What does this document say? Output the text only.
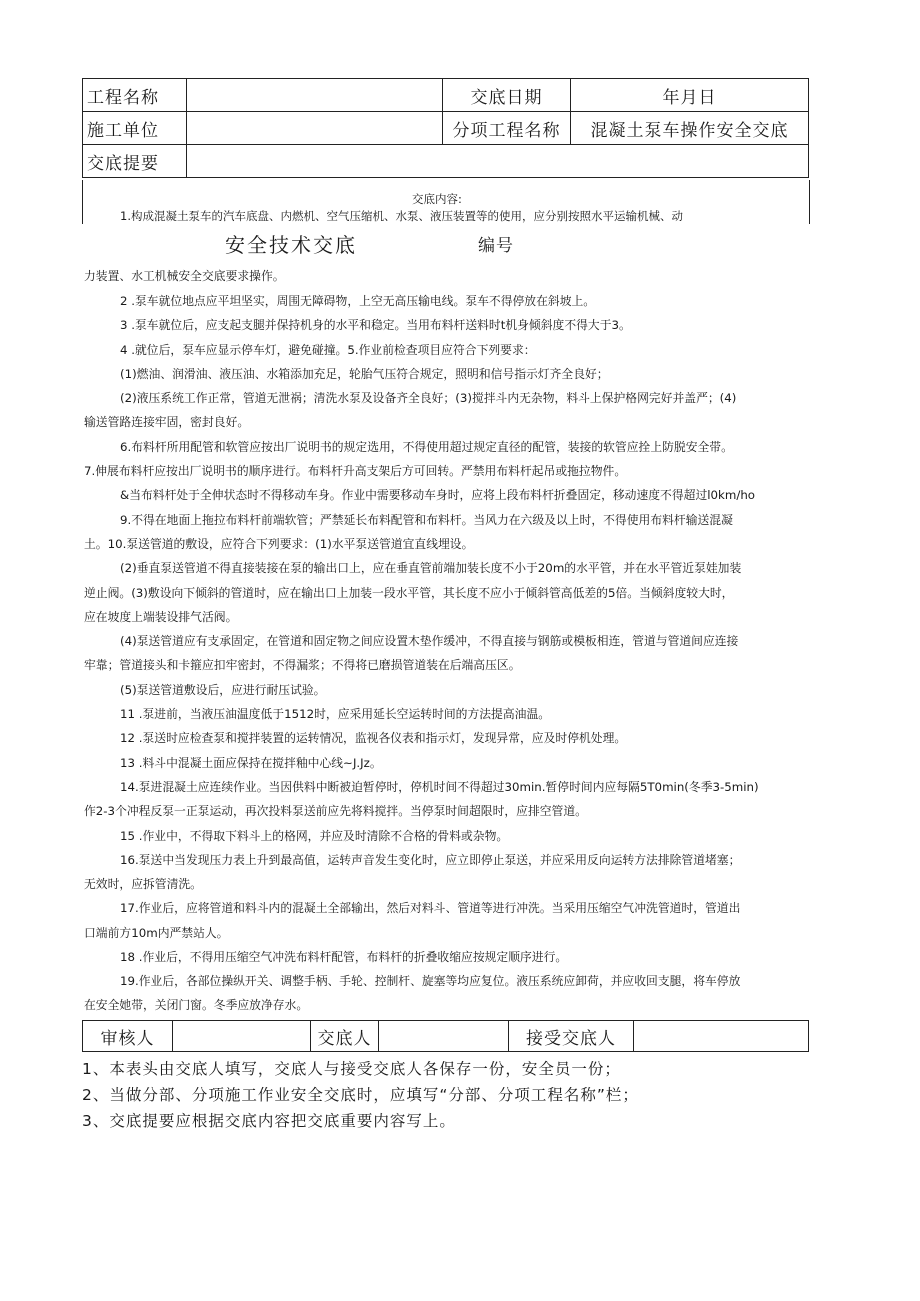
工程名称		交底日期	年月日
施工单位		分项工程名称	混凝土泵车操作安全交底
交底提要			
交底内容:
1.构成混凝土泵车的汽车底盘、内燃机、空气压缩机、水泵、液压装置等的使用，应分别按照水平运输机械、动
安全技术交底	编号
力装置、水工机械安全交底要求操作。
2 .泵车就位地点应平坦坚实，周围无障碍物，上空无高压输电线。泵车不得停放在斜坡上。
3 .泵车就位后，应支起支腿并保持机身的水平和稳定。当用布料杆送料时t机身倾斜度不得大于3。
4 .就位后，泵车应显示停车灯，避免碰撞。5.作业前检查项目应符合下列要求：
(1)燃油、润滑油、液压油、水箱添加充足，轮胎气压符合规定，照明和信号指示灯齐全良好；
(2)液压系统工作正常，管道无泄祸；清洗水泵及设备齐全良好；(3)搅拌斗内无杂物，料斗上保护格网完好并盖严；(4)
输送管路连接牢固，密封良好。
6.布料杆所用配管和软管应按出厂说明书的规定选用，不得使用超过规定直径的配管，装接的软管应拴上防脱安全带。
7.伸展布料杆应按出厂说明书的顺序进行。布料杆升高支架后方可回转。严禁用布料杆起吊或拖拉物件。
&当布料杆处于全伸状态时不得移动车身。作业中需要移动车身时，应将上段布料杆折叠固定，移动速度不得超过l0km/ho
9.不得在地面上拖拉布料杆前端软管；严禁延长布料配管和布料杆。当风力在六级及以上时，不得使用布料杆输送混凝
土。10.泵送管道的敷设，应符合下列要求：(1)水平泵送管道宜直线埋设。
(2)垂直泵送管道不得直接装接在泵的输出口上，应在垂直管前端加装长度不小于20m的水平管，并在水平管近泵娃加装
逆止阀。(3)敷设向下倾斜的管道时，应在输出口上加装一段水平管，其长度不应小于倾斜管高低差的5倍。当倾斜度较大时，
应在坡度上端装设排气活阀。
(4)泵送管道应有支承固定，在管道和固定物之间应设置木垫作缓冲，不得直接与钢筋或模板相连，管道与管道间应连接
牢靠；管道接头和卡箍应扣牢密封，不得漏浆；不得将已磨损管道装在后端高压区。
(5)泵送管道敷设后，应进行耐压试验。
11 .泵进前，当液压油温度低于1512时，应采用延长空运转时间的方法提高油温。
12 .泵送时应检查泵和搅拌装置的运转情况，监视各仪表和指示灯，发现异常，应及时停机处理。
13 .料斗中混凝土面应保持在搅拌釉中心线~J.Jz。
14.泵进混凝土应连续作业。当因供料中断被迫暂停时，停机时间不得超过30min.暂停时间内应每隔5T0min(冬季3-5min)
作2-3个冲程反泵一正泵运动，再次投料泵送前应先将料搅拌。当停泵时间超限时，应排空管道。
15 .作业中，不得取下料斗上的格网，并应及时清除不合格的骨料或杂物。
16.泵送中当发现压力表上升到最高值，运转声音发生变化时，应立即停止泵送，并应采用反向运转方法排除管道堵塞；
无效时，应拆管清洗。
17.作业后，应将管道和料斗内的混凝土全部输出，然后对料斗、管道等进行冲洗。当采用压缩空气冲洗管道时，管道出
口端前方10m内严禁站人。
18 .作业后，不得用压缩空气冲洗布料杆配管，布料杆的折叠收缩应按规定顺序进行。
19.作业后，各部位操纵开关、调整手柄、手轮、控制杆、旋塞等均应复位。液压系统应卸荷，并应收回支腿，将车停放
在安全她带，关闭门窗。冬季应放净存水。
审核人		交底人		接受交底人	
1、本表头由交底人填写，交底人与接受交底人各保存一份，安全员一份；
2、当做分部、分项施工作业安全交底时，应填写“分部、分项工程名称”栏；
3、交底提要应根据交底内容把交底重要内容写上。
